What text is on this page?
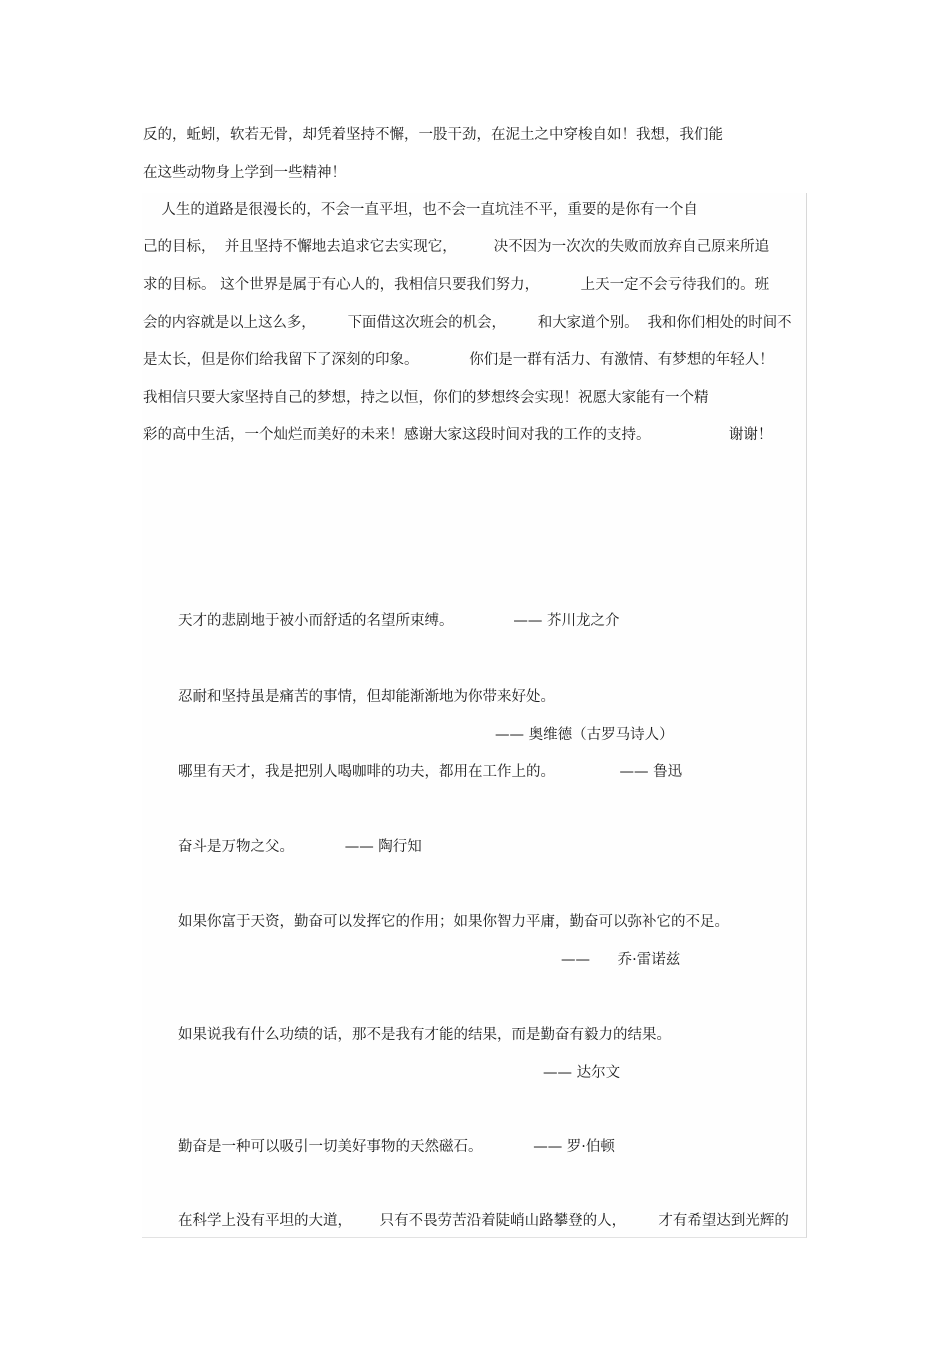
反的，蚯蚓，软若无骨，却凭着坚持不懈，一股干劲，在泥土之中穿梭自如！我想，我们能
在这些动物身上学到一些精神！
人生的道路是很漫长的，不会一直平坦，也不会一直坑洼不平，重要的是你有一个自
己的目标，  并且坚持不懈地去追求它去实现它，        决不因为一次次的失败而放弃自己原来所追
求的目标。 这个世界是属于有心人的，我相信只要我们努力，         上天一定不会亏待我们的。班
会的内容就是以上这么多，       下面借这次班会的机会，       和大家道个别。  我和你们相处的时间不
是太长，但是你们给我留下了深刻的印象。           你们是一群有活力、有激情、有梦想的年轻人！
我相信只要大家坚持自己的梦想，持之以恒，你们的梦想终会实现！祝愿大家能有一个精
彩的高中生活，一个灿烂而美好的未来！感谢大家这段时间对我的工作的支持。                 谢谢！
天才的悲剧地于被小而舒适的名望所束缚。             —— 芥川龙之介
忍耐和坚持虽是痛苦的事情，但却能渐渐地为你带来好处。
—— 奥维德（古罗马诗人）
哪里有天才，我是把别人喝咖啡的功夫，都用在工作上的。              —— 鲁迅
奋斗是万物之父。           —— 陶行知
如果你富于天资，勤奋可以发挥它的作用；如果你智力平庸，勤奋可以弥补它的不足。
——      乔·雷诺兹
如果说我有什么功绩的话，那不是我有才能的结果，而是勤奋有毅力的结果。
—— 达尔文
勤奋是一种可以吸引一切美好事物的天然磁石。           —— 罗·伯顿
在科学上没有平坦的大道，      只有不畏劳苦沿着陡峭山路攀登的人，       才有希望达到光辉的
